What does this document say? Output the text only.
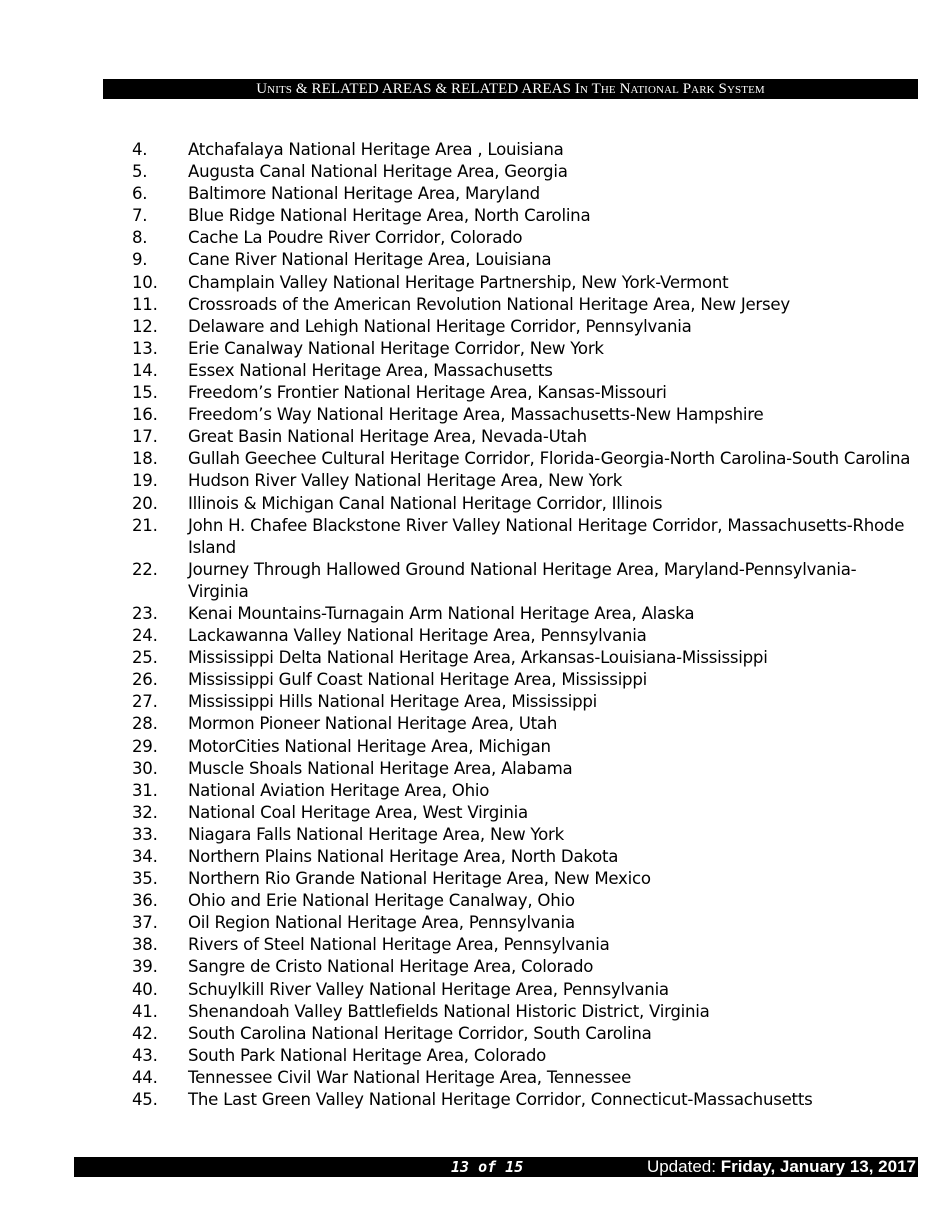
Units & RELATED AREAS & RELATED AREAS In The National Park System
4.	Atchafalaya National Heritage Area , Louisiana
5.	Augusta Canal National Heritage Area, Georgia
6.	Baltimore National Heritage Area, Maryland
7.	Blue Ridge National Heritage Area, North Carolina
8.	Cache La Poudre River Corridor, Colorado
9.	Cane River National Heritage Area, Louisiana
10.	Champlain Valley National Heritage Partnership, New York-Vermont
11.	Crossroads of the American Revolution National Heritage Area, New Jersey
12.	Delaware and Lehigh National Heritage Corridor, Pennsylvania
13.	Erie Canalway National Heritage Corridor, New York
14.	Essex National Heritage Area, Massachusetts
15.	Freedom’s Frontier National Heritage Area, Kansas-Missouri
16.	Freedom’s Way National Heritage Area, Massachusetts-New Hampshire
17.	Great Basin National Heritage Area, Nevada-Utah
18.	Gullah Geechee Cultural Heritage Corridor, Florida-Georgia-North Carolina-South Carolina
19.	Hudson River Valley National Heritage Area, New York
20.	Illinois & Michigan Canal National Heritage Corridor, Illinois
21.	John H. Chafee Blackstone River Valley National Heritage Corridor, Massachusetts-Rhode Island
22.	Journey Through Hallowed Ground National Heritage Area, Maryland-Pennsylvania-Virginia
23.	Kenai Mountains-Turnagain Arm National Heritage Area, Alaska
24.	Lackawanna Valley National Heritage Area, Pennsylvania
25.	Mississippi Delta National Heritage Area, Arkansas-Louisiana-Mississippi
26.	Mississippi Gulf Coast National Heritage Area, Mississippi
27.	Mississippi Hills National Heritage Area, Mississippi
28.	Mormon Pioneer National Heritage Area, Utah
29.	MotorCities National Heritage Area, Michigan
30.	Muscle Shoals National Heritage Area, Alabama
31.	National Aviation Heritage Area, Ohio
32.	National Coal Heritage Area, West Virginia
33.	Niagara Falls National Heritage Area, New York
34.	Northern Plains National Heritage Area, North Dakota
35.	Northern Rio Grande National Heritage Area, New Mexico
36.	Ohio and Erie National Heritage Canalway, Ohio
37.	Oil Region National Heritage Area, Pennsylvania
38.	Rivers of Steel National Heritage Area, Pennsylvania
39.	Sangre de Cristo National Heritage Area, Colorado
40.	Schuylkill River Valley National Heritage Area, Pennsylvania
41.	Shenandoah Valley Battlefields National Historic District, Virginia
42.	South Carolina National Heritage Corridor, South Carolina
43.	South Park National Heritage Area, Colorado
44.	Tennessee Civil War National Heritage Area, Tennessee
45.	The Last Green Valley National Heritage Corridor, Connecticut-Massachusetts
13 of 15	Updated: Friday, January 13, 2017
